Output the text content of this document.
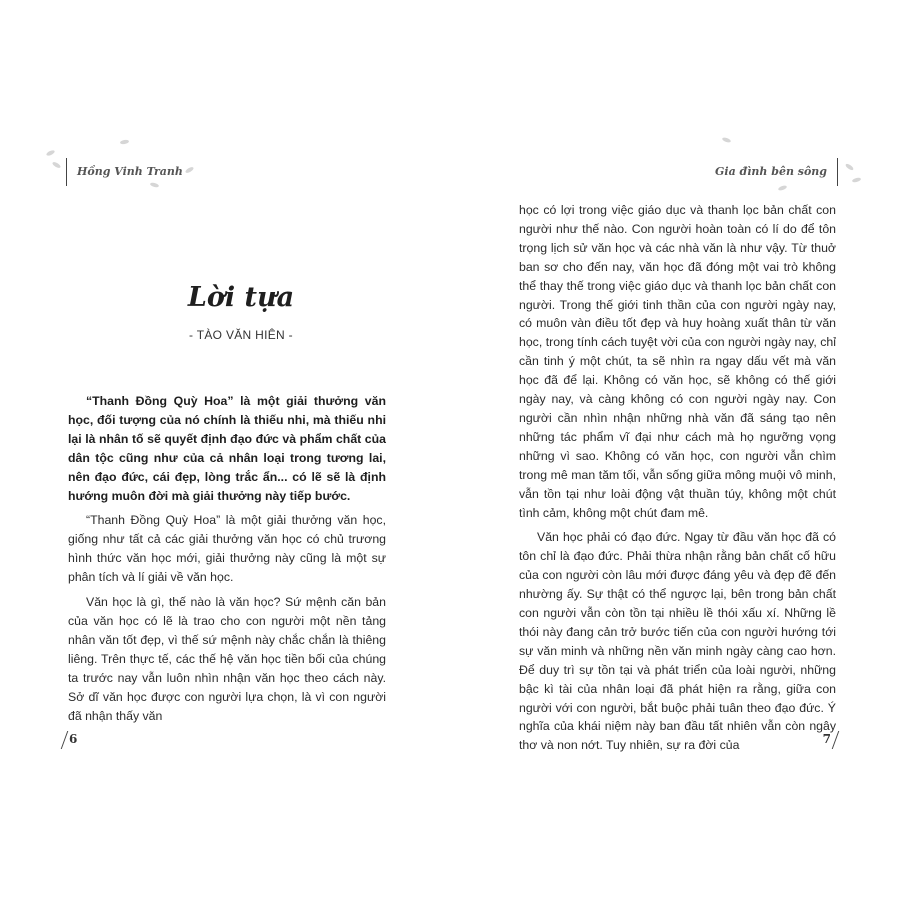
Hồng Vinh Tranh
Lời tựa
- TÀO VĂN HIÊN -

“Thanh Đồng Quỳ Hoa” là một giải thưởng văn học, đối tượng của nó chính là thiếu nhi, mà thiếu nhi lại là nhân tố sẽ quyết định đạo đức và phẩm chất của dân tộc cũng như của cả nhân loại trong tương lai, nên đạo đức, cái đẹp, lòng trắc ẩn... có lẽ sẽ là định hướng muôn đời mà giải thưởng này tiếp bước.

“Thanh Đồng Quỳ Hoa” là một giải thưởng văn học, giống như tất cả các giải thưởng văn học có chủ trương hình thức văn học mới, giải thưởng này cũng là một sự phân tích và lí giải về văn học.

Văn học là gì, thế nào là văn học? Sứ mệnh căn bản của văn học có lẽ là trao cho con người một nền tảng nhân văn tốt đẹp, vì thế sứ mệnh này chắc chắn là thiêng liêng. Trên thực tế, các thế hệ văn học tiền bối của chúng ta trước nay vẫn luôn nhìn nhận văn học theo cách này. Sở dĩ văn học được con người lựa chọn, là vì con người đã nhận thấy văn

6
Gia đình bên sông

học có lợi trong việc giáo dục và thanh lọc bản chất con người như thế nào. Con người hoàn toàn có lí do để tôn trọng lịch sử văn học và các nhà văn là như vậy. Từ thuở ban sơ cho đến nay, văn học đã đóng một vai trò không thể thay thế trong việc giáo dục và thanh lọc bản chất con người. Trong thế giới tinh thần của con người ngày nay, có muôn vàn điều tốt đẹp và huy hoàng xuất thân từ văn học, trong tính cách tuyệt vời của con người ngày nay, chỉ cần tinh ý một chút, ta sẽ nhìn ra ngay dấu vết mà văn học đã để lại. Không có văn học, sẽ không có thế giới ngày nay, và càng không có con người ngày nay. Con người cần nhìn nhận những nhà văn đã sáng tạo nên những tác phẩm vĩ đại như cách mà họ ngưỡng vọng những vì sao. Không có văn học, con người vẫn chìm trong mê man tăm tối, vẫn sống giữa mông muội vô minh, vẫn tồn tại như loài động vật thuần túy, không một chút tình cảm, không một chút đam mê.

Văn học phải có đạo đức. Ngay từ đầu văn học đã có tôn chỉ là đạo đức. Phải thừa nhận rằng bản chất cố hữu của con người còn lâu mới được đáng yêu và đẹp đẽ đến nhường ấy. Sự thật có thể ngược lại, bên trong bản chất con người vẫn còn tồn tại nhiều lề thói xấu xí. Những lề thói này đang cản trở bước tiến của con người hướng tới sự văn minh và những nền văn minh ngày càng cao hơn. Để duy trì sự tồn tại và phát triển của loài người, những bậc kì tài của nhân loại đã phát hiện ra rằng, giữa con người với con người, bắt buộc phải tuân theo đạo đức. Ý nghĩa của khái niệm này ban đầu tất nhiên vẫn còn ngây thơ và non nớt. Tuy nhiên, sự ra đời của	7
